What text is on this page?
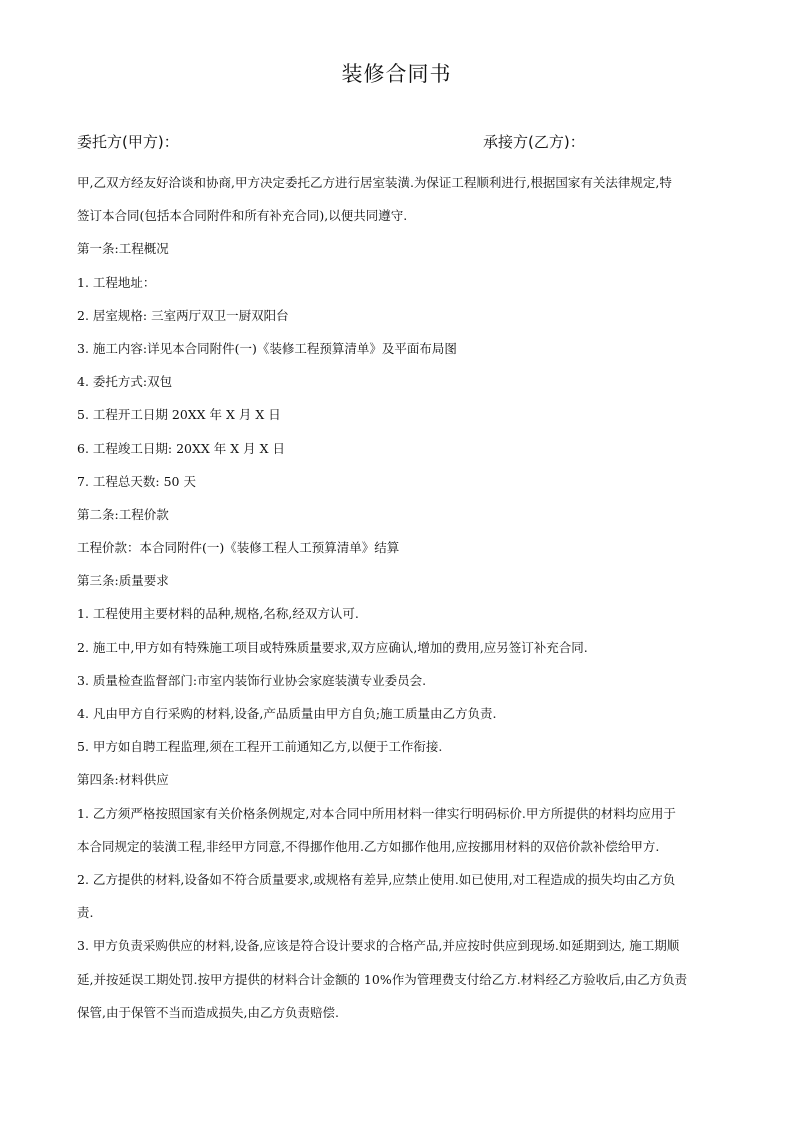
装修合同书
委托方(甲方)：	承接方(乙方)：
甲,乙双方经友好洽谈和协商,甲方决定委托乙方进行居室装潢.为保证工程顺利进行,根据国家有关法律规定,特
签订本合同(包括本合同附件和所有补充合同),以便共同遵守.
第一条:工程概况
1. 工程地址：
2. 居室规格: 三室两厅双卫一厨双阳台
3. 施工内容:详见本合同附件(一)《装修工程预算清单》及平面布局图
4. 委托方式:双包
5. 工程开工日期 20XX 年 X 月 X 日
6. 工程竣工日期: 20XX 年 X 月 X 日
7. 工程总天数: 50 天
第二条:工程价款
工程价款：本合同附件(一)《装修工程人工预算清单》结算
第三条:质量要求
1. 工程使用主要材料的品种,规格,名称,经双方认可.
2. 施工中,甲方如有特殊施工项目或特殊质量要求,双方应确认,增加的费用,应另签订补充合同.
3. 质量检查监督部门:市室内装饰行业协会家庭装潢专业委员会.
4. 凡由甲方自行采购的材料,设备,产品质量由甲方自负;施工质量由乙方负责.
5. 甲方如自聘工程监理,须在工程开工前通知乙方,以便于工作衔接.
第四条:材料供应
1. 乙方须严格按照国家有关价格条例规定,对本合同中所用材料一律实行明码标价.甲方所提供的材料均应用于
本合同规定的装潢工程,非经甲方同意,不得挪作他用.乙方如挪作他用,应按挪用材料的双倍价款补偿给甲方.
2. 乙方提供的材料,设备如不符合质量要求,或规格有差异,应禁止使用.如已使用,对工程造成的损失均由乙方负
责.
3. 甲方负责采购供应的材料,设备,应该是符合设计要求的合格产品,并应按时供应到现场.如延期到达, 施工期顺
延,并按延误工期处罚.按甲方提供的材料合计金额的 10%作为管理费支付给乙方.材料经乙方验收后,由乙方负责
保管,由于保管不当而造成损失,由乙方负责赔偿.
